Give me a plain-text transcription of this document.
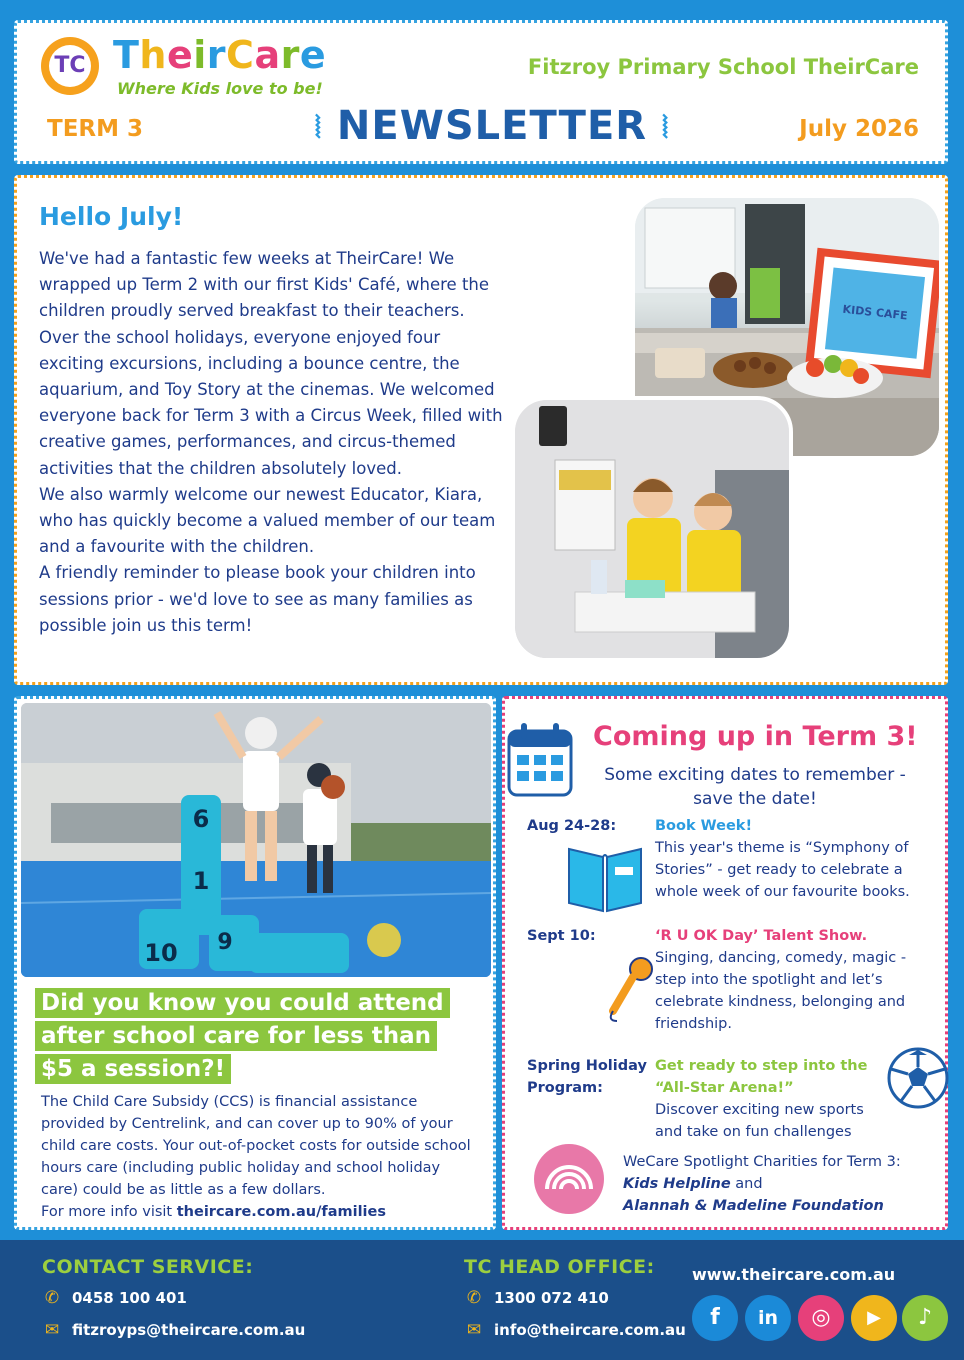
TC TheirCare
Where Kids love to be!
Fitzroy Primary School TheirCare
TERM 3	⦚ NEWSLETTER ⦚	July 2026
Hello July!

We've had a fantastic few weeks at TheirCare! We wrapped up Term 2 with our first Kids' Café, where the children proudly served breakfast to their teachers. Over the school holidays, everyone enjoyed four exciting excursions, including a bounce centre, the aquarium, and Toy Story at the cinemas. We welcomed everyone back for Term 3 with a Circus Week, filled with creative games, performances, and circus-themed activities that the children absolutely loved.

We also warmly welcome our newest Educator, Kiara, who has quickly become a valued member of our team and a favourite with the children.

A friendly reminder to please book your children into sessions prior - we'd love to see as many families as possible join us this term!

KIDS CAFE
6
1
10 9
Did you know you could attend
after school care for less than
$5 a session?!

The Child Care Subsidy (CCS) is financial assistance provided by Centrelink, and can cover up to 90% of your child care costs. Your out-of-pocket costs for outside school hours care (including public holiday and school holiday care) could be as little as a few dollars.

For more info visit theircare.com.au/families

Coming up in Term 3!
Some exciting dates to remember - save the date!
Aug 24-28:	Book Week!
This year's theme is “Symphony of Stories” - get ready to celebrate a whole week of our favourite books.
Sept 10:	‘R U OK Day’ Talent Show.
Singing, dancing, comedy, magic - step into the spotlight and let’s celebrate kindness, belonging and friendship.
Spring Holiday Program:
Get ready to step into the “All-Star Arena!”
Discover exciting new sports and take on fun challenges
WeCare Spotlight Charities for Term 3:
Kids Helpline and
Alannah & Madeline Foundation
CONTACT SERVICE:
✆ 0458 100 401
✉ fitzroyps@theircare.com.au
TC HEAD OFFICE:
✆ 1300 072 410
✉ info@theircare.com.au
www.theircare.com.au
f	in	◎	▶	♪
